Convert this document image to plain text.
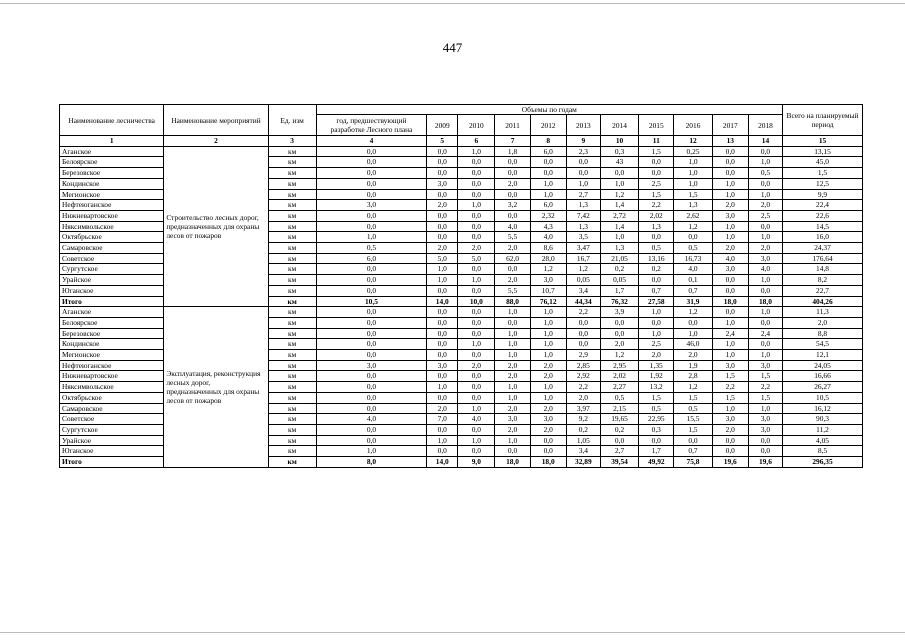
447
Наименование лесничества	Наименование мероприятий	Ед. изм	Объемы по годам											Всего на планируемый период
			год, предшествующий разработке Лесного плана	2009	2010	2011	2012	2013	2014	2015	2016	2017	2018	
1	2	3	4	5	6	7	8	9	10	11	12	13	14	15
Аганское	Строительство лесных дорог, предназначенных для охраны лесов от пожаров	км	0,0	0,0	1,0	1,8	6,0	2,3	0,3	1,5	0,25	0,0	0,0	13,15
Белоярское		км	0,0	0,0	0,0	0,0	0,0	0,0	43	0,0	1,0	0,0	1,0	45,0
Березовское		км	0,0	0,0	0,0	0,0	0,0	0,0	0,0	0,0	1,0	0,0	0,5	1,5
Кондинское		км	0,0	3,0	0,0	2,0	1,0	1,0	1,0	2,5	1,0	1,0	0,0	12,5
Мегионское		км	0,0	0,0	0,0	0,0	1,0	2,7	1,2	1,5	1,5	1,0	1,0	9,9
Нефтеюганское		км	3,0	2,0	1,0	3,2	6,0	1,3	1,4	2,2	1,3	2,0	2,0	22,4
Нижневартовское		км	0,0	0,0	0,0	0,0	2,32	7,42	2,72	2,02	2,62	3,0	2,5	22,6
Няксимвольское		км	0,0	0,0	0,0	4,0	4,3	1,3	1,4	1,3	1,2	1,0	0,0	14,5
Октябрьское		км	1,0	0,0	0,0	5,5	4,0	3,5	1,0	0,0	0,0	1,0	1,0	16,0
Самаровское		км	0,5	2,0	2,0	2,0	8,6	3,47	1,3	0,5	0,5	2,0	2,0	24,37
Советское		км	6,0	5,0	5,0	62,0	28,0	16,7	21,05	13,16	16,73	4,0	3,0	176,64
Сургутское		км	0,0	1,0	0,0	0,0	1,2	1,2	0,2	0,2	4,0	3,0	4,0	14,8
Урайское		км	0,0	1,0	1,0	2,0	3,0	0,05	0,05	0,0	0,1	0,0	1,0	8,2
Юганское		км	0,0	0,0	0,0	5,5	10,7	3,4	1,7	0,7	0,7	0,0	0,0	22,7
Итого		км	10,5	14,0	10,0	88,0	76,12	44,34	76,32	27,58	31,9	18,0	18,0	404,26
Аганское	Эксплуатация, реконструкция лесных дорог, предназначенных для охраны лесов от пожаров	км	0,0	0,0	0,0	1,0	1,0	2,2	3,9	1,0	1,2	0,0	1,0	11,3
Белоярское		км	0,0	0,0	0,0	0,0	1,0	0,0	0,0	0,0	0,0	1,0	0,0	2,0
Березовское		км	0,0	0,0	0,0	1,0	1,0	0,0	0,0	1,0	1,0	2,4	2,4	8,8
Кондинское		км	0,0	0,0	1,0	1,0	1,0	0,0	2,0	2,5	46,0	1,0	0,0	54,5
Мегионское		км	0,0	0,0	0,0	1,0	1,0	2,9	1,2	2,0	2,0	1,0	1,0	12,1
Нефтеюганское		км	3,0	3,0	2,0	2,0	2,0	2,85	2,95	1,35	1,9	3,0	3,0	24,05
Нижневартовское		км	0,0	0,0	0,0	2,0	2,0	2,92	2,02	1,92	2,8	1,5	1,5	16,66
Няксимвольское		км	0,0	1,0	0,0	1,0	1,0	2,2	2,27	13,2	1,2	2,2	2,2	26,27
Октябрьское		км	0,0	0,0	0,0	1,0	1,0	2,0	0,5	1,5	1,5	1,5	1,5	10,5
Самаровское		км	0,0	2,0	1,0	2,0	2,0	3,97	2,15	0,5	0,5	1,0	1,0	16,12
Советское		км	4,0	7,0	4,0	3,0	3,0	9,2	19,65	22,95	15,5	3,0	3,0	90,3
Сургутское		км	0,0	0,0	0,0	2,0	2,0	0,2	0,2	0,3	1,5	2,0	3,0	11,2
Урайское		км	0,0	1,0	1,0	1,0	0,0	1,05	0,0	0,0	0,0	0,0	0,0	4,05
Юганское		км	1,0	0,0	0,0	0,0	0,0	3,4	2,7	1,7	0,7	0,0	0,0	8,5
Итого		км	8,0	14,0	9,0	18,0	18,0	32,89	39,54	49,92	75,8	19,6	19,6	296,35
